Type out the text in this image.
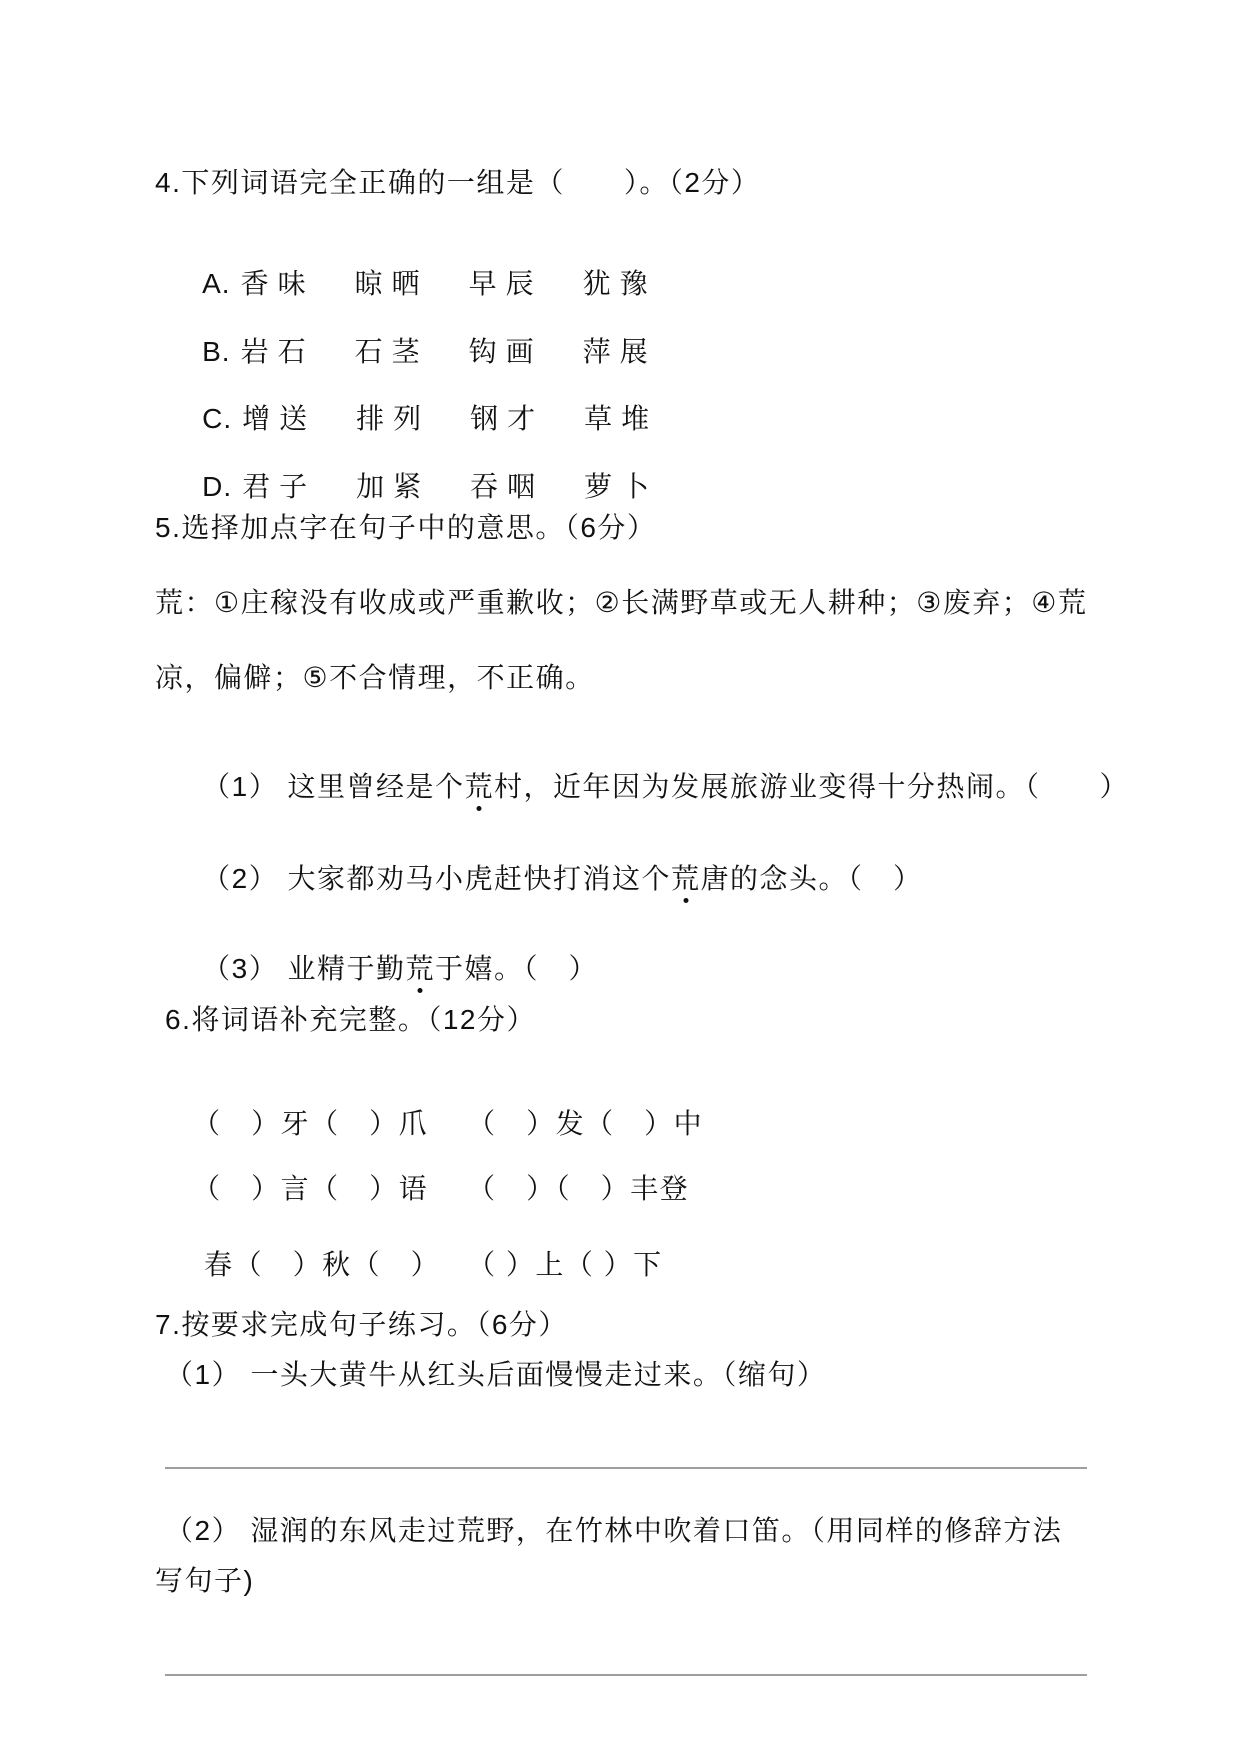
4.下列词语完全正确的一组是（　　）。（2分）

A. 香味 晾晒 早辰 犹豫

B. 岩石 石茎 钩画 萍展

C. 增送 排列 钢才 草堆

D. 君子 加紧 吞咽 萝卜

5.选择加点字在句子中的意思。（6分）
荒：①庄稼没有收成或严重歉收；②长满野草或无人耕种；③废弃；④荒
凉，偏僻；⑤不合情理，不正确。

（1） 这里曾经是个荒村，近年因为发展旅游业变得十分热闹。（　　）

（2） 大家都劝马小虎赶快打消这个荒唐的念头。（　）

（3） 业精于勤荒于嬉。（　）

6.将词语补充完整。（12分）

（　）牙（　）爪 （　）发（　）中

（　）言（　）语 （　）（　）丰登

春（　）秋（　） （ ）上（ ）下

7.按要求完成句子练习。（6分）
（1） 一头大黄牛从红头后面慢慢走过来。（缩句）
（2） 湿润的东风走过荒野，在竹林中吹着口笛。（用同样的修辞方法
写句子)
